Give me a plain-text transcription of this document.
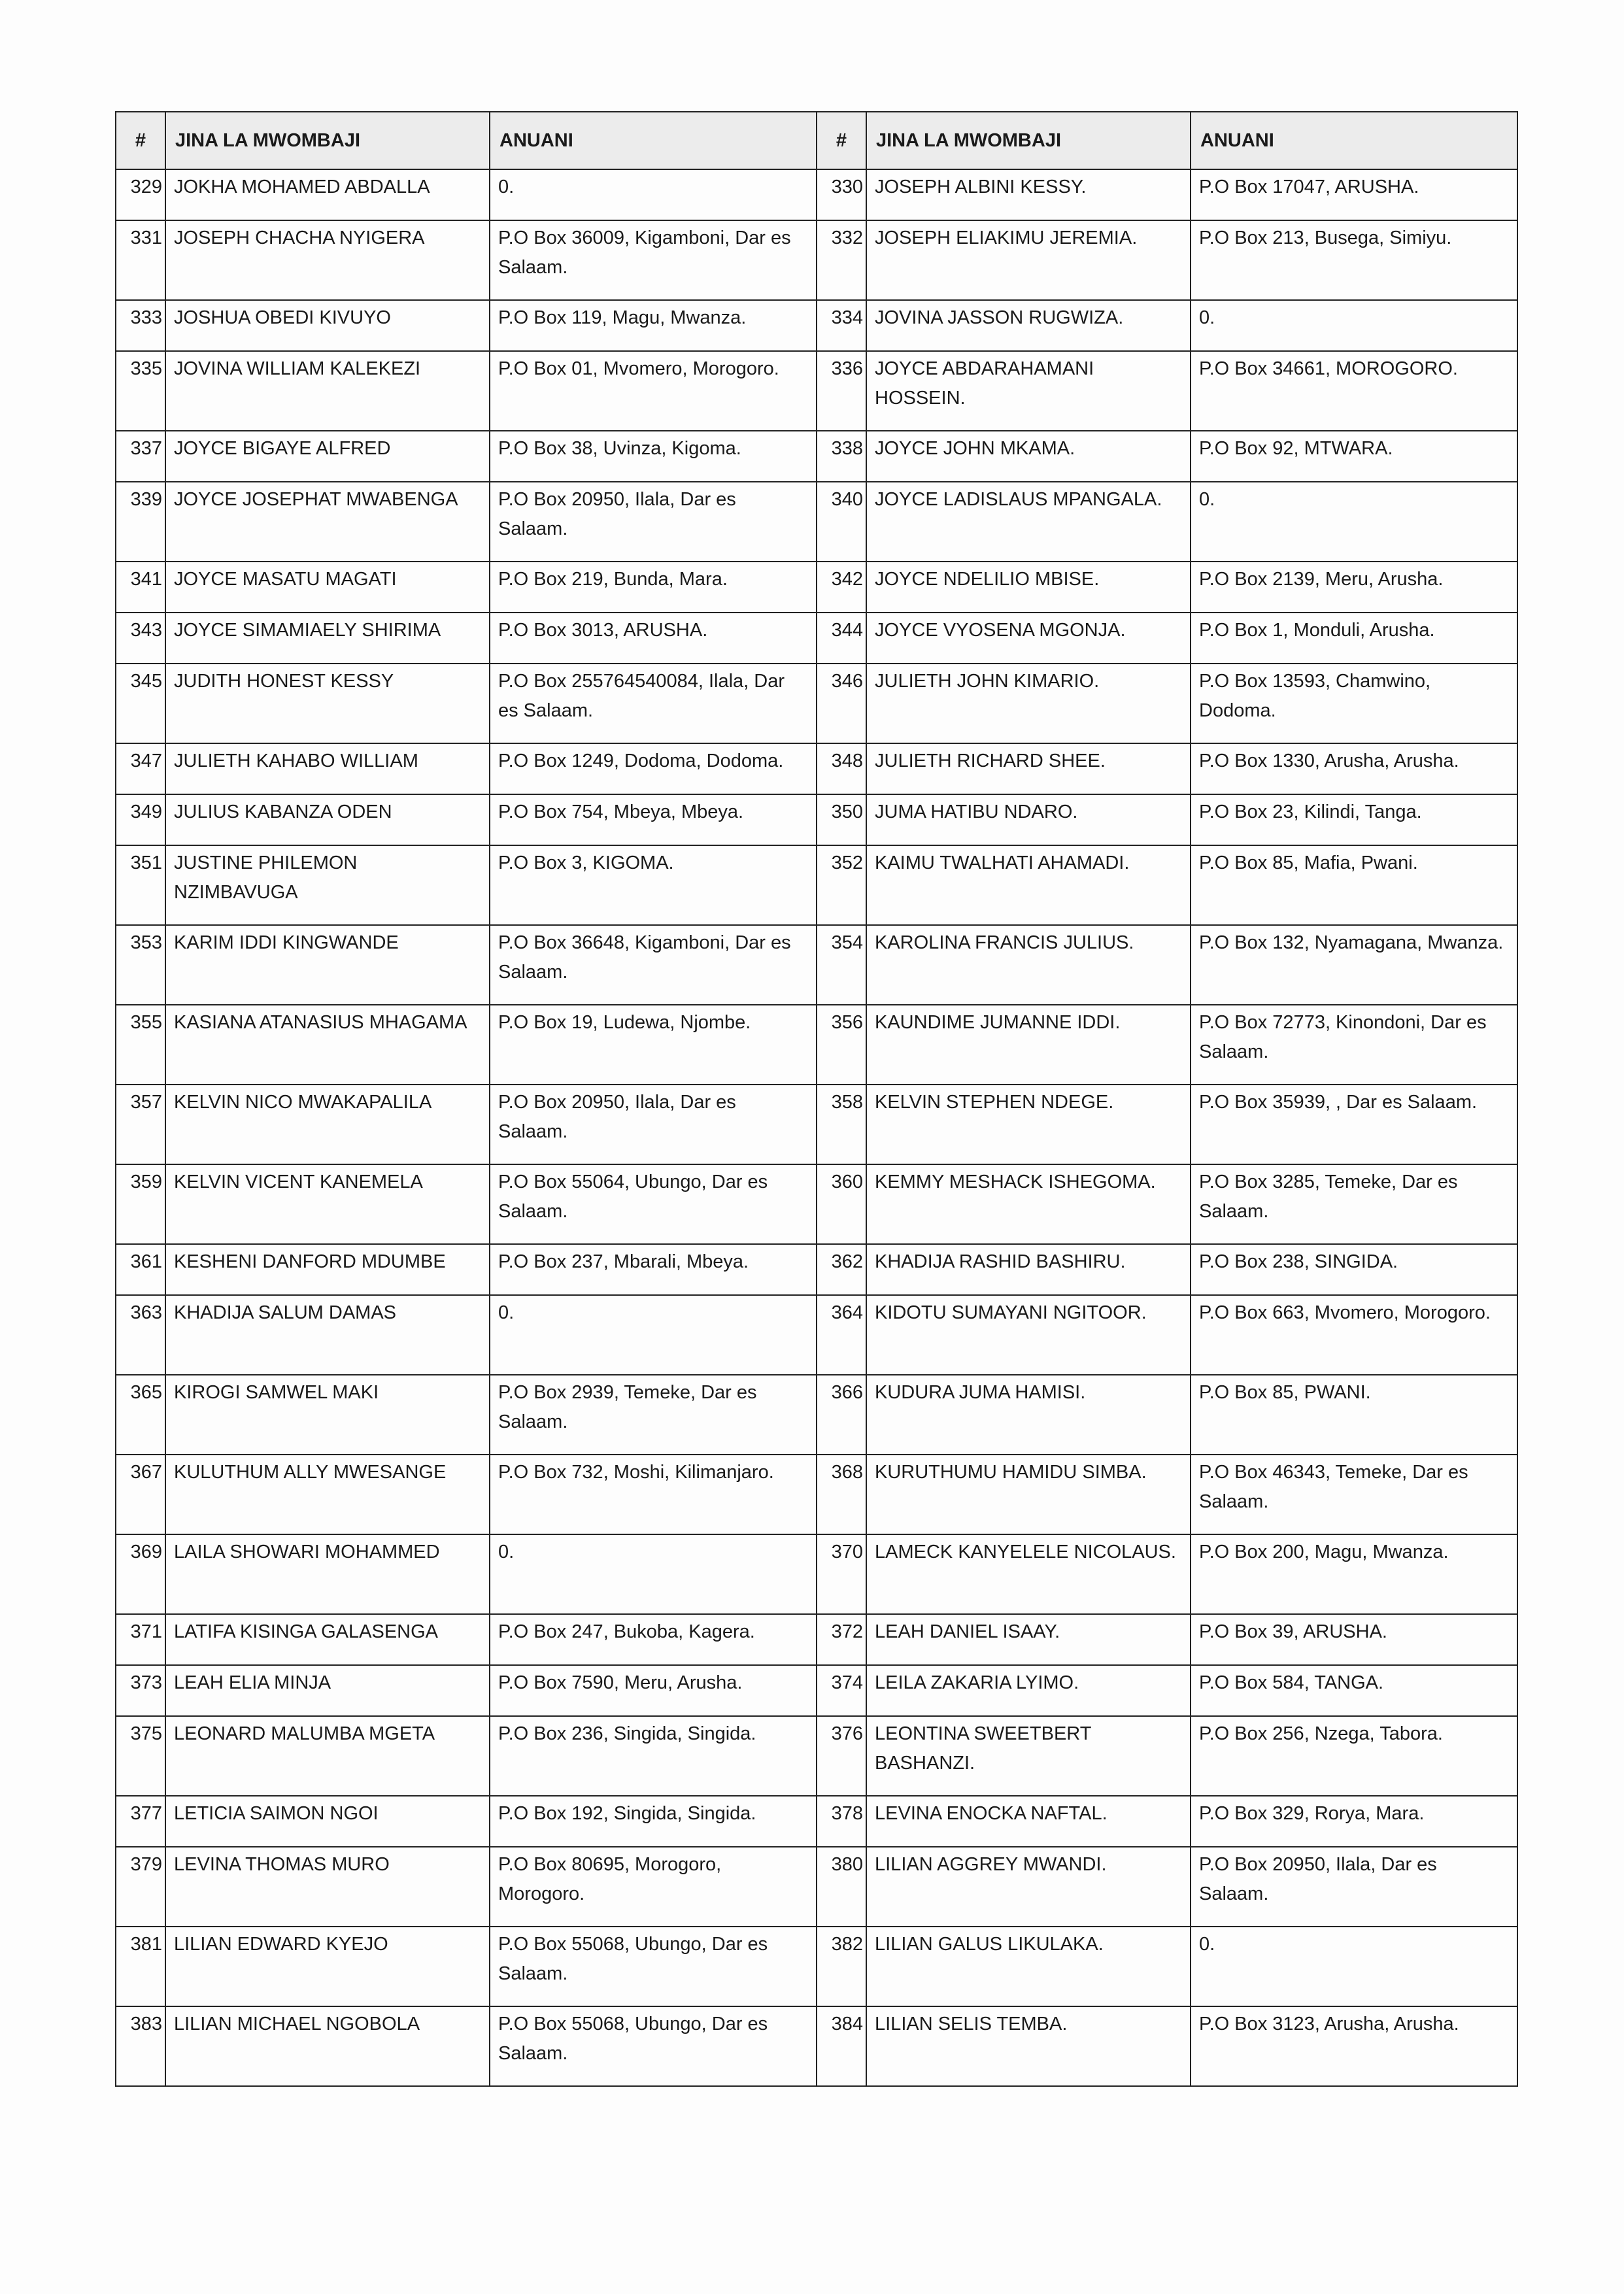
#	JINA LA MWOMBAJI	ANUANI	#	JINA LA MWOMBAJI	ANUANI
329	JOKHA MOHAMED ABDALLA	0.	330	JOSEPH ALBINI KESSY.	P.O Box 17047, ARUSHA.
331	JOSEPH CHACHA NYIGERA	P.O Box 36009, Kigamboni, Dar es Salaam.	332	JOSEPH ELIAKIMU JEREMIA.	P.O Box 213, Busega, Simiyu.
333	JOSHUA OBEDI KIVUYO	P.O Box 119, Magu, Mwanza.	334	JOVINA JASSON RUGWIZA.	0.
335	JOVINA WILLIAM KALEKEZI	P.O Box 01, Mvomero, Morogoro.	336	JOYCE ABDARAHAMANI HOSSEIN.	P.O Box 34661, MOROGORO.
337	JOYCE BIGAYE ALFRED	P.O Box 38, Uvinza, Kigoma.	338	JOYCE JOHN MKAMA.	P.O Box 92, MTWARA.
339	JOYCE JOSEPHAT MWABENGA	P.O Box 20950, Ilala, Dar es Salaam.	340	JOYCE LADISLAUS MPANGALA.	0.
341	JOYCE MASATU MAGATI	P.O Box 219, Bunda, Mara.	342	JOYCE NDELILIO MBISE.	P.O Box 2139, Meru, Arusha.
343	JOYCE SIMAMIAELY SHIRIMA	P.O Box 3013, ARUSHA.	344	JOYCE VYOSENA MGONJA.	P.O Box 1, Monduli, Arusha.
345	JUDITH HONEST KESSY	P.O Box 255764540084, Ilala, Dar es Salaam.	346	JULIETH JOHN KIMARIO.	P.O Box 13593, Chamwino, Dodoma.
347	JULIETH KAHABO WILLIAM	P.O Box 1249, Dodoma, Dodoma.	348	JULIETH RICHARD SHEE.	P.O Box 1330, Arusha, Arusha.
349	JULIUS KABANZA ODEN	P.O Box 754, Mbeya, Mbeya.	350	JUMA HATIBU NDARO.	P.O Box 23, Kilindi, Tanga.
351	JUSTINE PHILEMON NZIMBAVUGA	P.O Box 3, KIGOMA.	352	KAIMU TWALHATI AHAMADI.	P.O Box 85, Mafia, Pwani.
353	KARIM IDDI KINGWANDE	P.O Box 36648, Kigamboni, Dar es Salaam.	354	KAROLINA FRANCIS JULIUS.	P.O Box 132, Nyamagana, Mwanza.
355	KASIANA ATANASIUS MHAGAMA	P.O Box 19, Ludewa, Njombe.	356	KAUNDIME JUMANNE IDDI.	P.O Box 72773, Kinondoni, Dar es Salaam.
357	KELVIN NICO MWAKAPALILA	P.O Box 20950, Ilala, Dar es Salaam.	358	KELVIN STEPHEN NDEGE.	P.O Box 35939, , Dar es Salaam.
359	KELVIN VICENT KANEMELA	P.O Box 55064, Ubungo, Dar es Salaam.	360	KEMMY MESHACK ISHEGOMA.	P.O Box 3285, Temeke, Dar es Salaam.
361	KESHENI DANFORD MDUMBE	P.O Box 237, Mbarali, Mbeya.	362	KHADIJA RASHID BASHIRU.	P.O Box 238, SINGIDA.
363	KHADIJA SALUM DAMAS	0.	364	KIDOTU SUMAYANI NGITOOR.	P.O Box 663, Mvomero, Morogoro.
365	KIROGI SAMWEL MAKI	P.O Box 2939, Temeke, Dar es Salaam.	366	KUDURA JUMA HAMISI.	P.O Box 85, PWANI.
367	KULUTHUM ALLY MWESANGE	P.O Box 732, Moshi, Kilimanjaro.	368	KURUTHUMU HAMIDU SIMBA.	P.O Box 46343, Temeke, Dar es Salaam.
369	LAILA SHOWARI MOHAMMED	0.	370	LAMECK KANYELELE NICOLAUS.	P.O Box 200, Magu, Mwanza.
371	LATIFA KISINGA GALASENGA	P.O Box 247, Bukoba, Kagera.	372	LEAH DANIEL ISAAY.	P.O Box 39, ARUSHA.
373	LEAH ELIA MINJA	P.O Box 7590, Meru, Arusha.	374	LEILA ZAKARIA LYIMO.	P.O Box 584, TANGA.
375	LEONARD MALUMBA MGETA	P.O Box 236, Singida, Singida.	376	LEONTINA SWEETBERT BASHANZI.	P.O Box 256, Nzega, Tabora.
377	LETICIA SAIMON NGOI	P.O Box 192, Singida, Singida.	378	LEVINA ENOCKA NAFTAL.	P.O Box 329, Rorya, Mara.
379	LEVINA THOMAS MURO	P.O Box 80695, Morogoro, Morogoro.	380	LILIAN AGGREY MWANDI.	P.O Box 20950, Ilala, Dar es Salaam.
381	LILIAN EDWARD KYEJO	P.O Box 55068, Ubungo, Dar es Salaam.	382	LILIAN GALUS LIKULAKA.	0.
383	LILIAN MICHAEL NGOBOLA	P.O Box 55068, Ubungo, Dar es Salaam.	384	LILIAN SELIS TEMBA.	P.O Box 3123, Arusha, Arusha.
